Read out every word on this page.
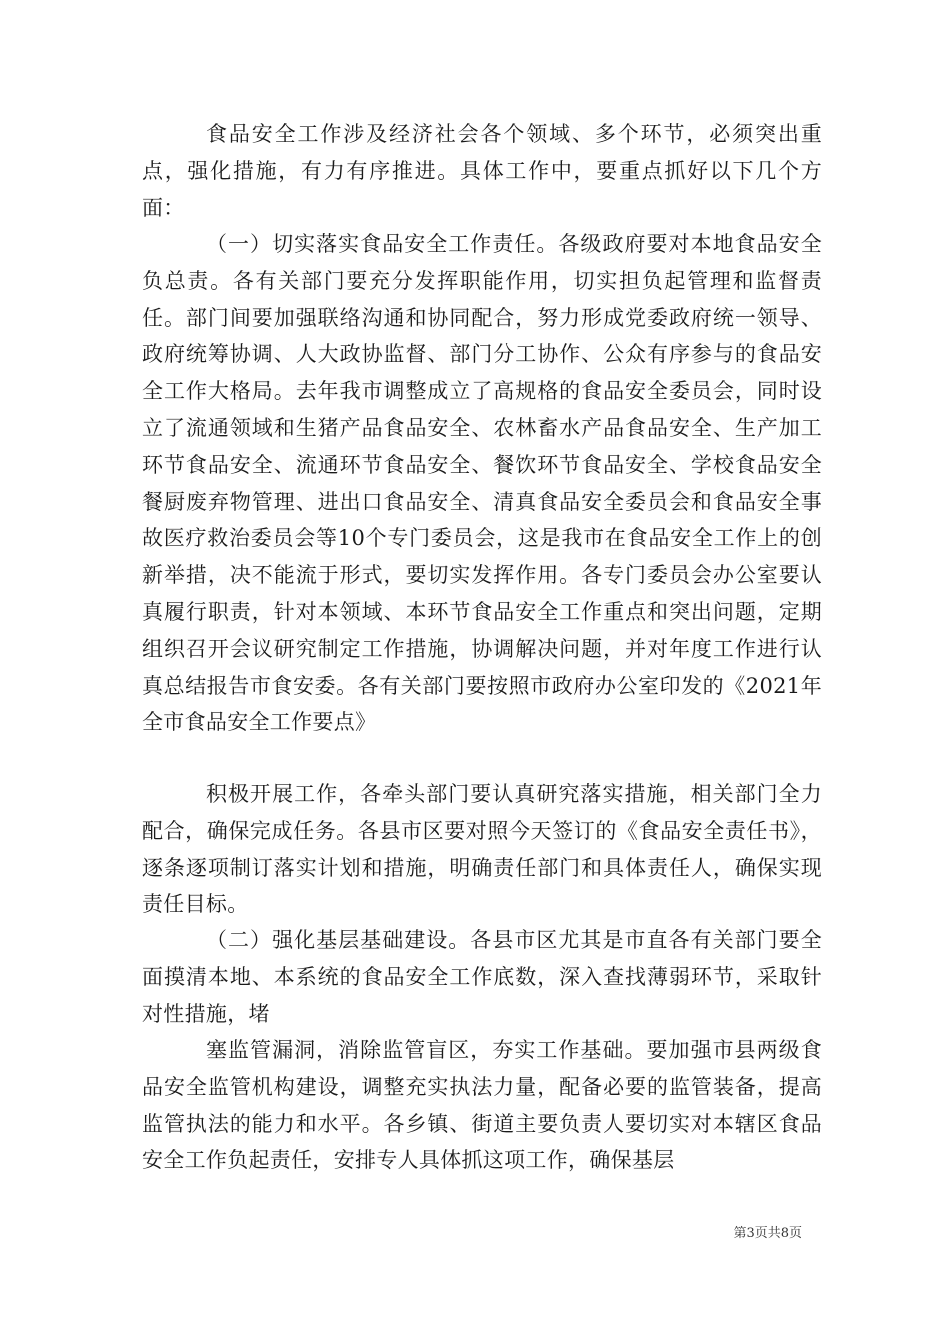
食品安全工作涉及经济社会各个领域、多个环节，必须突出重点，强化措施，有力有序推进。具体工作中，要重点抓好以下几个方面：

（一）切实落实食品安全工作责任。各级政府要对本地食品安全负总责。各有关部门要充分发挥职能作用，切实担负起管理和监督责任。部门间要加强联络沟通和协同配合，努力形成党委政府统一领导、政府统筹协调、人大政协监督、部门分工协作、公众有序参与的食品安全工作大格局。去年我市调整成立了高规格的食品安全委员会，同时设立了流通领域和生猪产品食品安全、农林畜水产品食品安全、生产加工环节食品安全、流通环节食品安全、餐饮环节食品安全、学校食品安全餐厨废弃物管理、进出口食品安全、清真食品安全委员会和食品安全事故医疗救治委员会等10个专门委员会，这是我市在食品安全工作上的创新举措，决不能流于形式，要切实发挥作用。各专门委员会办公室要认真履行职责，针对本领域、本环节食品安全工作重点和突出问题，定期组织召开会议研究制定工作措施，协调解决问题，并对年度工作进行认真总结报告市食安委。各有关部门要按照市政府办公室印发的《2021年全市食品安全工作要点》

积极开展工作，各牵头部门要认真研究落实措施，相关部门全力配合，确保完成任务。各县市区要对照今天签订的《食品安全责任书》，逐条逐项制订落实计划和措施，明确责任部门和具体责任人，确保实现责任目标。

（二）强化基层基础建设。各县市区尤其是市直各有关部门要全面摸清本地、本系统的食品安全工作底数，深入查找薄弱环节，采取针对性措施，堵

塞监管漏洞，消除监管盲区，夯实工作基础。要加强市县两级食品安全监管机构建设，调整充实执法力量，配备必要的监管装备，提高监管执法的能力和水平。各乡镇、街道主要负责人要切实对本辖区食品安全工作负起责任，安排专人具体抓这项工作，确保基层

第3页共8页
